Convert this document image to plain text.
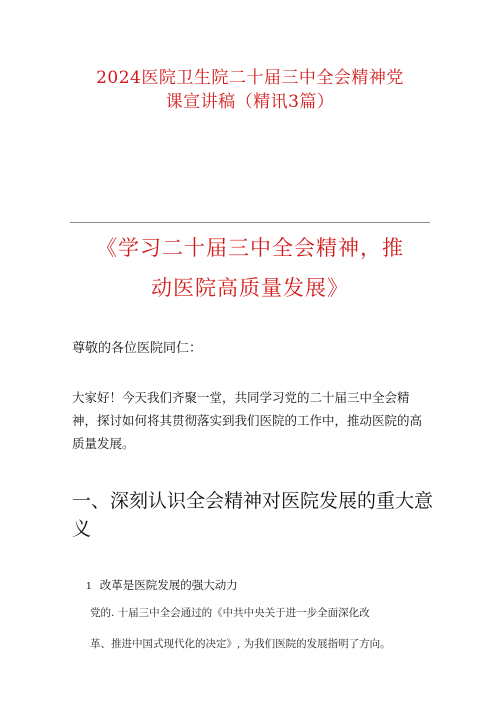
2024医院卫生院二十届三中全会精神党
课宣讲稿（精讯3篇）
《学习二十届三中全会精神，推
动医院高质量发展》
尊敬的各位医院同仁：
大家好！今天我们齐聚一堂，共同学习党的二十届三中全会精神，探讨如何将其贯彻落实到我们医院的工作中，推动医院的高质量发展。
一、深刻认识全会精神对医院发展的重大意义
1 改革是医院发展的强大动力
党的. 十届三中全会通过的《中共中央关于进一步全面深化改
革、推进中国式现代化的决定》, 为我们医院的发展指明了方向。
